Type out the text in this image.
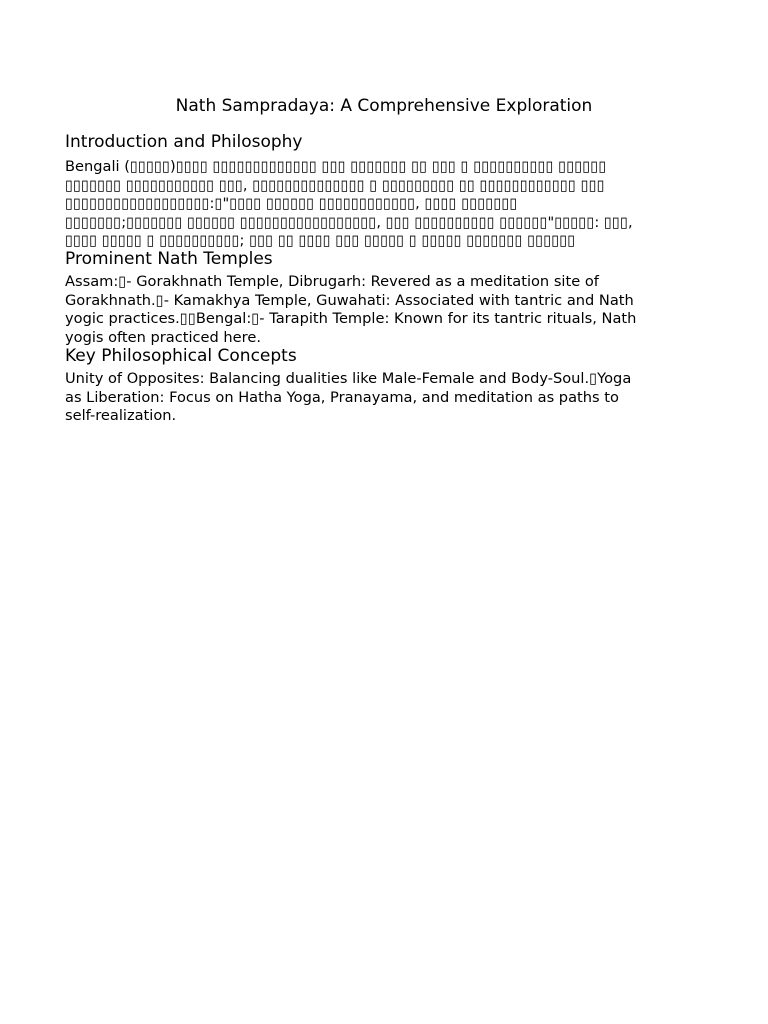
Nath Sampradaya: A Comprehensive Exploration
Introduction and Philosophy
Bengali (▯▯▯▯▯)▯▯▯▯ ▯▯▯▯▯▯▯▯▯▯▯▯▯ ▯▯▯ ▯▯▯▯▯▯▯ ▯▯ ▯▯▯ ▯ ▯▯▯▯▯▯▯▯▯▯ ▯▯▯▯▯▯
▯▯▯▯▯▯▯ ▯▯▯▯▯▯▯▯▯▯▯ ▯▯▯, ▯▯▯▯▯▯▯▯▯▯▯▯▯▯ ▯ ▯▯▯▯▯▯▯▯▯ ▯▯ ▯▯▯▯▯▯▯▯▯▯▯▯ ▯▯▯
▯▯▯▯▯▯▯▯▯▯▯▯▯▯▯▯▯▯:▯"▯▯▯▯ ▯▯▯▯▯▯ ▯▯▯▯▯▯▯▯▯▯▯▯, ▯▯▯▯ ▯▯▯▯▯▯▯
▯▯▯▯▯▯▯;▯▯▯▯▯▯▯ ▯▯▯▯▯▯ ▯▯▯▯▯▯▯▯▯▯▯▯▯▯▯▯▯, ▯▯▯ ▯▯▯▯▯▯▯▯▯▯ ▯▯▯▯▯▯"▯▯▯▯▯: ▯▯▯,
▯▯▯▯ ▯▯▯▯▯ ▯ ▯▯▯▯▯▯▯▯▯▯; ▯▯▯ ▯▯ ▯▯▯▯ ▯▯▯ ▯▯▯▯▯ ▯ ▯▯▯▯▯ ▯▯▯▯▯▯▯ ▯▯▯▯▯▯
Prominent Nath Temples
Assam:▯- Gorakhnath Temple, Dibrugarh: Revered as a meditation site of
Gorakhnath.▯- Kamakhya Temple, Guwahati: Associated with tantric and Nath
yogic practices.▯▯Bengal:▯- Tarapith Temple: Known for its tantric rituals, Nath
yogis often practiced here.
Key Philosophical Concepts
Unity of Opposites: Balancing dualities like Male-Female and Body-Soul.▯Yoga
as Liberation: Focus on Hatha Yoga, Pranayama, and meditation as paths to
self-realization.
